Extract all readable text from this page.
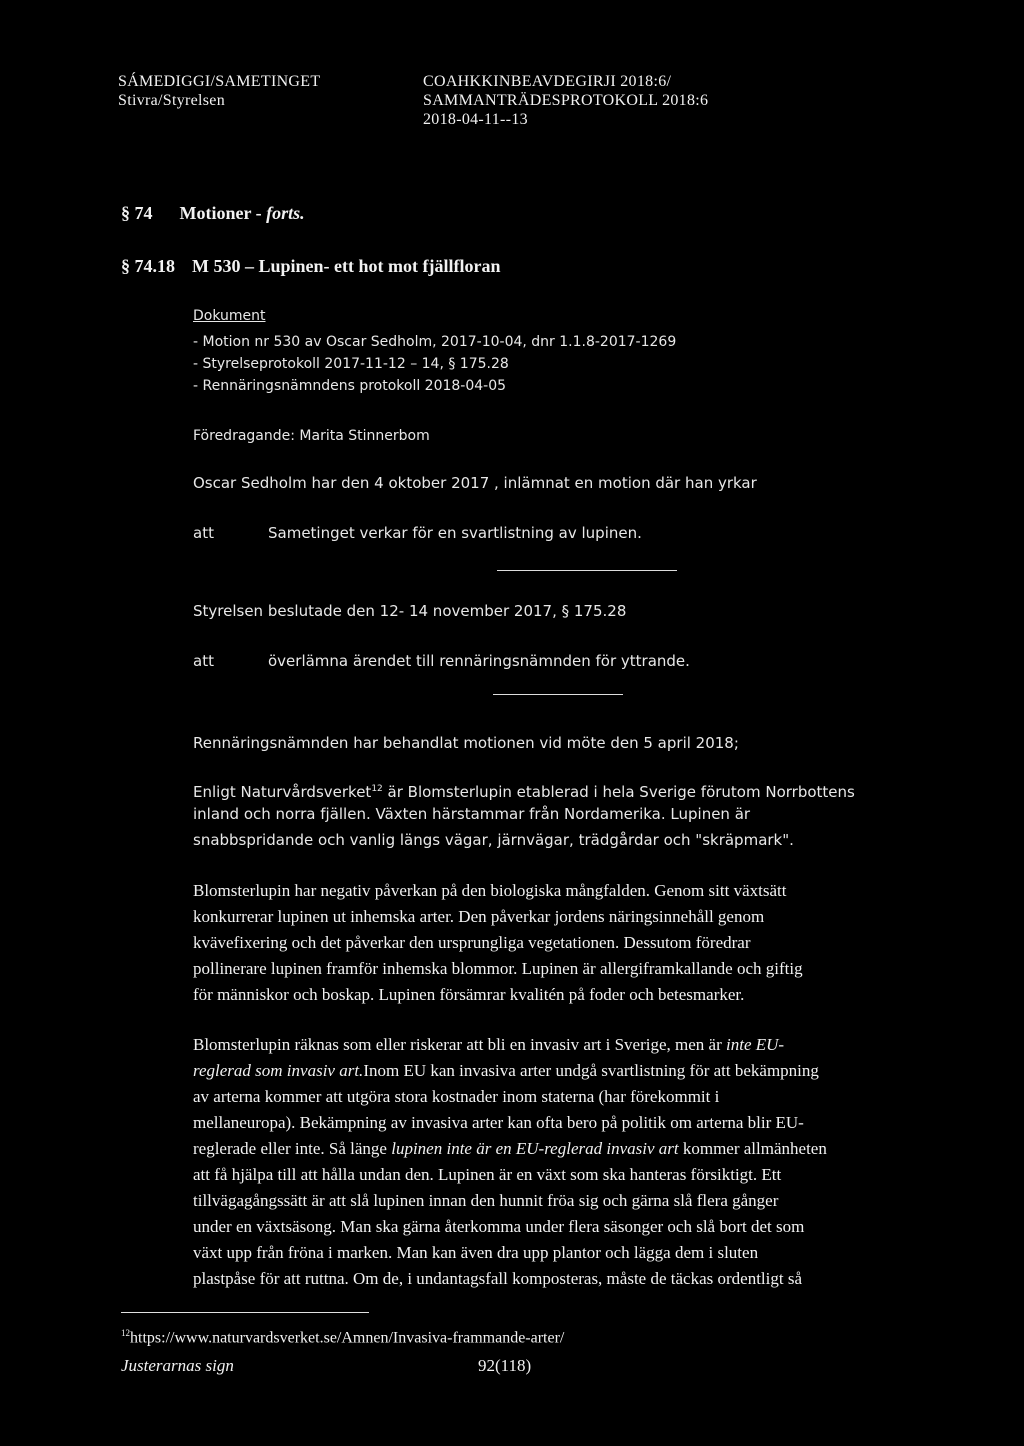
SÁMEDIGGI/SAMETINGET
Stivra/Styrelsen
COAHKKINBEAVDEGIRJI 2018:6/
SAMMANTRÄDESPROTOKOLL 2018:6
2018-04-11--13
§ 74 Motioner - forts.
§ 74.18 M 530 – Lupinen- ett hot mot fjällfloran
Dokument
- Motion nr 530 av Oscar Sedholm, 2017-10-04, dnr 1.1.8-2017-1269
- Styrelseprotokoll 2017-11-12 – 14, § 175.28
- Rennäringsnämndens protokoll 2018-04-05
Föredragande: Marita Stinnerbom
Oscar Sedholm har den 4 oktober 2017 , inlämnat en motion där han yrkar
att	Sametinget verkar för en svartlistning av lupinen.
Styrelsen beslutade den 12- 14 november 2017, § 175.28
att	överlämna ärendet till rennäringsnämnden för yttrande.
Rennäringsnämnden har behandlat motionen vid möte den 5 april 2018;
Enligt Naturvårdsverket$^{12}$ är Blomsterlupin etablerad i hela Sverige förutom Norrbottens
inland och norra fjällen. Växten härstammar från Nordamerika. Lupinen är
snabbspridande och vanlig längs vägar, järnvägar, trädgårdar och "skräpmark".
Blomsterlupin har negativ påverkan på den biologiska mångfalden. Genom sitt växtsätt
konkurrerar lupinen ut inhemska arter. Den påverkar jordens näringsinnehåll genom
kvävefixering och det påverkar den ursprungliga vegetationen. Dessutom föredrar
pollinerare lupinen framför inhemska blommor. Lupinen är allergiframkallande och giftig
för människor och boskap. Lupinen försämrar kvalitén på foder och betesmarker.
Blomsterlupin räknas som eller riskerar att bli en invasiv art i Sverige, men är inte EU-
reglerad som invasiv art.Inom EU kan invasiva arter undgå svartlistning för att bekämpning
av arterna kommer att utgöra stora kostnader inom staterna (har förekommit i
mellaneuropa). Bekämpning av invasiva arter kan ofta bero på politik om arterna blir EU-
reglerade eller inte. Så länge lupinen inte är en EU-reglerad invasiv art kommer allmänheten
att få hjälpa till att hålla undan den. Lupinen är en växt som ska hanteras försiktigt. Ett
tillvägagångssätt är att slå lupinen innan den hunnit fröa sig och gärna slå flera gånger
under en växtsäsong. Man ska gärna återkomma under flera säsonger och slå bort det som
växt upp från fröna i marken. Man kan även dra upp plantor och lägga dem i sluten
plastpåse för att ruttna. Om de, i undantagsfall komposteras, måste de täckas ordentligt så
$^{12}$https://www.naturvardsverket.se/Amnen/Invasiva-frammande-arter/
Justerarnas sign	92(118)
